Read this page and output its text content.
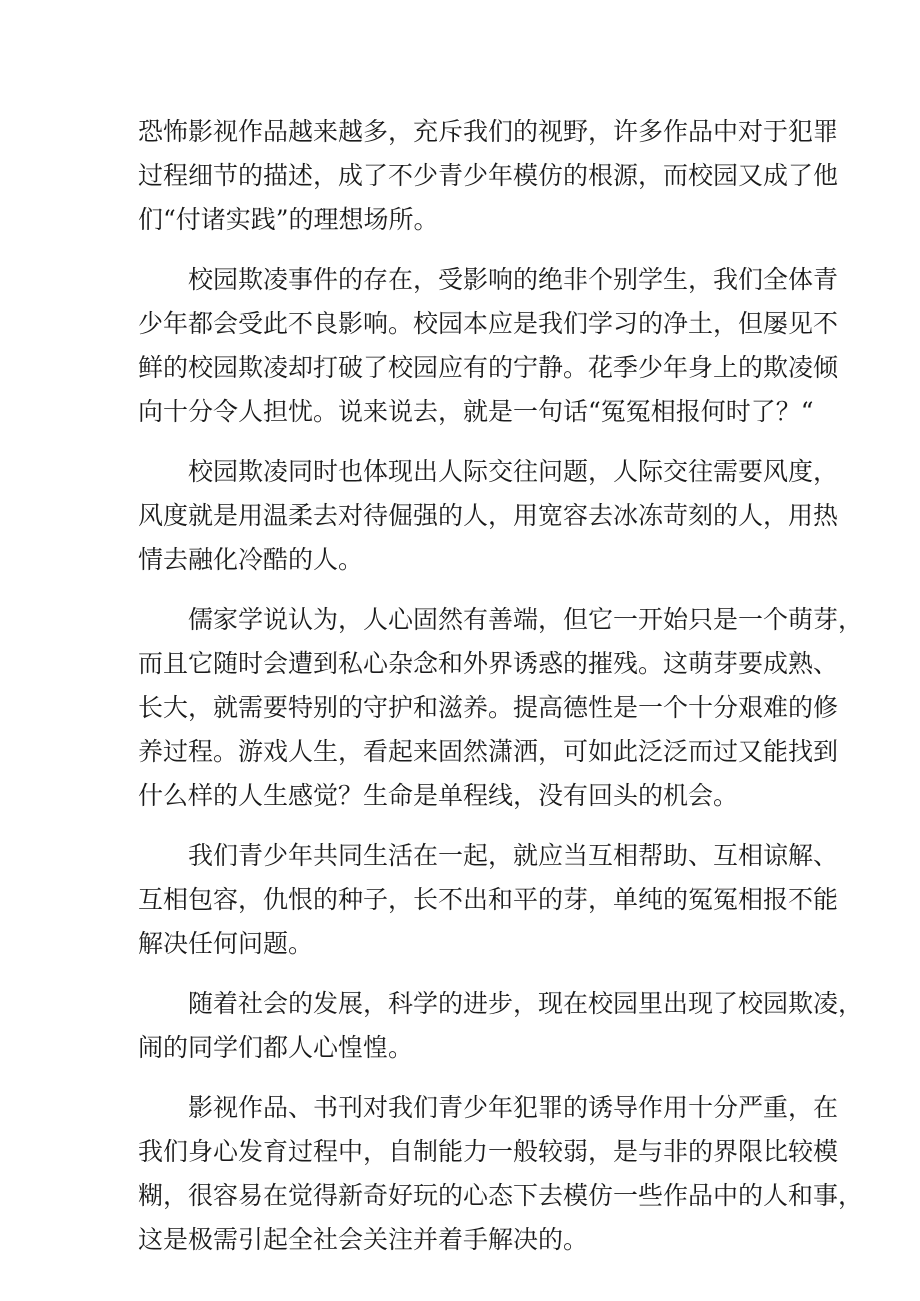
恐怖影视作品越来越多，充斥我们的视野，许多作品中对于犯罪
过程细节的描述，成了不少青少年模仿的根源，而校园又成了他
们“付诸实践”的理想场所。

校园欺凌事件的存在，受影响的绝非个别学生，我们全体青
少年都会受此不良影响。校园本应是我们学习的净土，但屡见不
鲜的校园欺凌却打破了校园应有的宁静。花季少年身上的欺凌倾
向十分令人担忧。说来说去，就是一句话“冤冤相报何时了？“

校园欺凌同时也体现出人际交往问题，人际交往需要风度，
风度就是用温柔去对待倔强的人，用宽容去冰冻苛刻的人，用热
情去融化冷酷的人。

儒家学说认为，人心固然有善端，但它一开始只是一个萌芽，
而且它随时会遭到私心杂念和外界诱惑的摧残。这萌芽要成熟、
长大，就需要特别的守护和滋养。提高德性是一个十分艰难的修
养过程。游戏人生，看起来固然潇洒，可如此泛泛而过又能找到
什么样的人生感觉？生命是单程线，没有回头的机会。

我们青少年共同生活在一起，就应当互相帮助、互相谅解、
互相包容，仇恨的种子，长不出和平的芽，单纯的冤冤相报不能
解决任何问题。

随着社会的发展，科学的进步，现在校园里出现了校园欺凌，
闹的同学们都人心惶惶。

影视作品、书刊对我们青少年犯罪的诱导作用十分严重，在
我们身心发育过程中，自制能力一般较弱，是与非的界限比较模
糊，很容易在觉得新奇好玩的心态下去模仿一些作品中的人和事，
这是极需引起全社会关注并着手解决的。
